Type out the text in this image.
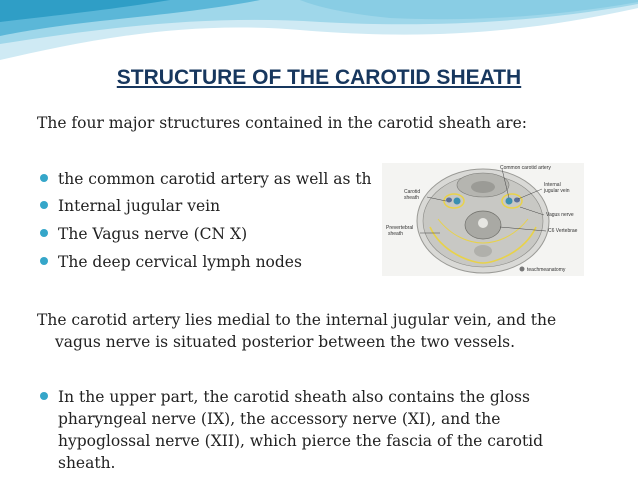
STRUCTURE OF THE CAROTID SHEATH
The four major structures contained in the carotid sheath are:
the common carotid artery as well as th
Internal jugular vein
The Vagus nerve (CN X)
The deep cervical lymph nodes
Common carotid artery
Internal
jugular vein
Carotid
sheath
Vagus nerve
Prevertebral
sheath	C6 Vertebrae
teachmeanatomy
The carotid artery lies medial to the internal jugular vein, and the
vagus nerve is situated posterior between the two vessels.
In the upper part, the carotid sheath also contains the gloss
pharyngeal nerve (IX), the accessory nerve (XI), and the
hypoglossal nerve (XII), which pierce the fascia of the carotid
sheath.
